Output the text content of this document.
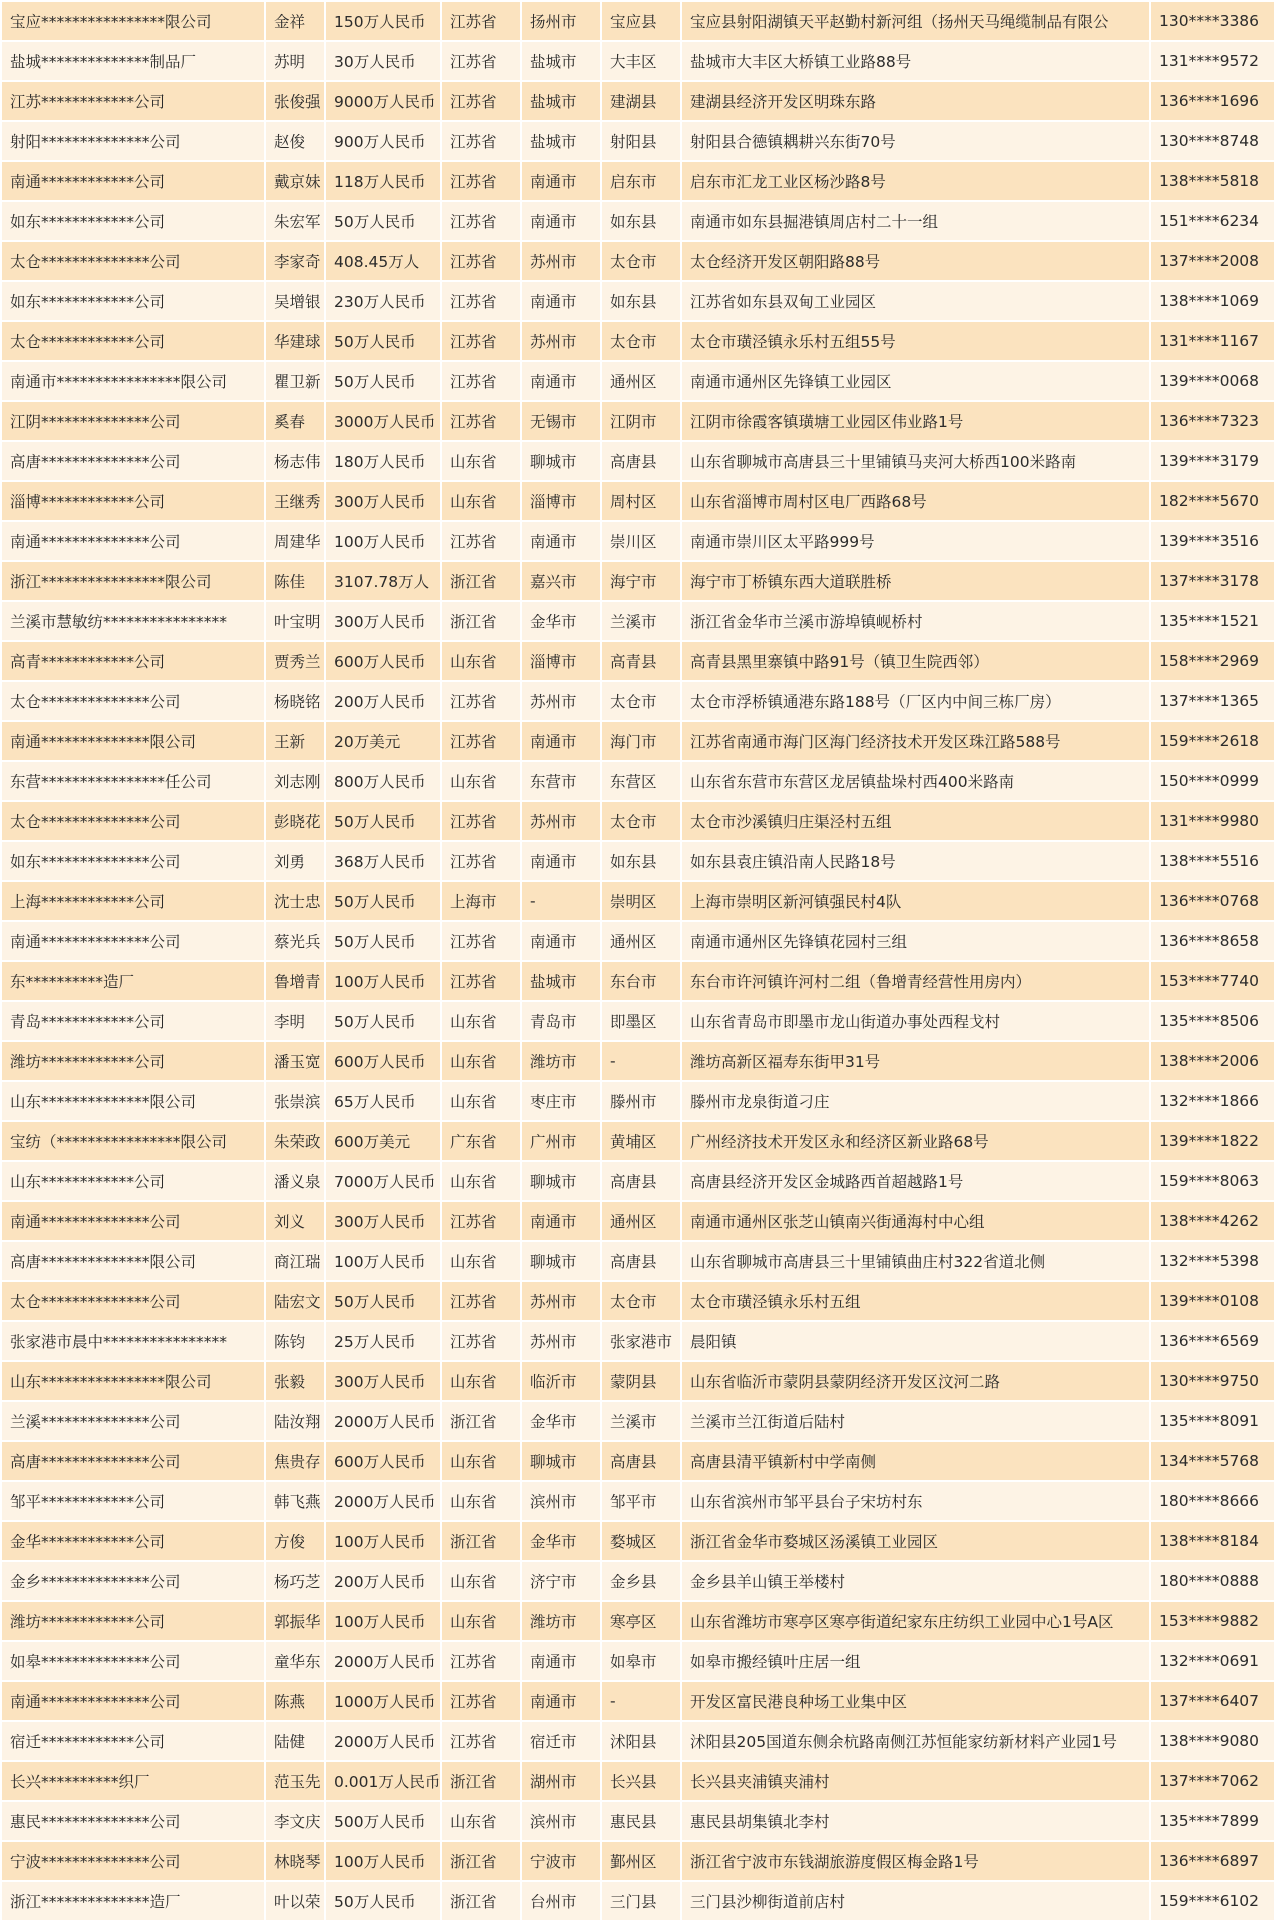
宝应****************限公司	金祥	150万人民币	江苏省	扬州市	宝应县	宝应县射阳湖镇天平赵勤村新河组（扬州天马绳缆制品有限公	130****3386
盐城**************制品厂	苏明	30万人民币	江苏省	盐城市	大丰区	盐城市大丰区大桥镇工业路88号	131****9572
江苏************公司	张俊强	9000万人民币	江苏省	盐城市	建湖县	建湖县经济开发区明珠东路	136****1696
射阳**************公司	赵俊	900万人民币	江苏省	盐城市	射阳县	射阳县合德镇耦耕兴东街70号	130****8748
南通************公司	戴京妹	118万人民币	江苏省	南通市	启东市	启东市汇龙工业区杨沙路8号	138****5818
如东************公司	朱宏军	50万人民币	江苏省	南通市	如东县	南通市如东县掘港镇周店村二十一组	151****6234
太仓**************公司	李家奇	408.45万人	江苏省	苏州市	太仓市	太仓经济开发区朝阳路88号	137****2008
如东************公司	吴增银	230万人民币	江苏省	南通市	如东县	江苏省如东县双甸工业园区	138****1069
太仓************公司	华建球	50万人民币	江苏省	苏州市	太仓市	太仓市璜泾镇永乐村五组55号	131****1167
南通市****************限公司	瞿卫新	50万人民币	江苏省	南通市	通州区	南通市通州区先锋镇工业园区	139****0068
江阴**************公司	奚春	3000万人民币	江苏省	无锡市	江阴市	江阴市徐霞客镇璜塘工业园区伟业路1号	136****7323
高唐**************公司	杨志伟	180万人民币	山东省	聊城市	高唐县	山东省聊城市高唐县三十里铺镇马夹河大桥西100米路南	139****3179
淄博************公司	王继秀	300万人民币	山东省	淄博市	周村区	山东省淄博市周村区电厂西路68号	182****5670
南通**************公司	周建华	100万人民币	江苏省	南通市	崇川区	南通市崇川区太平路999号	139****3516
浙江****************限公司	陈佳	3107.78万人	浙江省	嘉兴市	海宁市	海宁市丁桥镇东西大道联胜桥	137****3178
兰溪市慧敏纺****************	叶宝明	300万人民币	浙江省	金华市	兰溪市	浙江省金华市兰溪市游埠镇岘桥村	135****1521
高青************公司	贾秀兰	600万人民币	山东省	淄博市	高青县	高青县黑里寨镇中路91号（镇卫生院西邻）	158****2969
太仓**************公司	杨晓铭	200万人民币	江苏省	苏州市	太仓市	太仓市浮桥镇通港东路188号（厂区内中间三栋厂房）	137****1365
南通**************限公司	王新	20万美元	江苏省	南通市	海门市	江苏省南通市海门区海门经济技术开发区珠江路588号	159****2618
东营****************任公司	刘志刚	800万人民币	山东省	东营市	东营区	山东省东营市东营区龙居镇盐垛村西400米路南	150****0999
太仓**************公司	彭晓花	50万人民币	江苏省	苏州市	太仓市	太仓市沙溪镇归庄渠泾村五组	131****9980
如东**************公司	刘勇	368万人民币	江苏省	南通市	如东县	如东县袁庄镇沿南人民路18号	138****5516
上海************公司	沈士忠	50万人民币	上海市	-	崇明区	上海市崇明区新河镇强民村4队	136****0768
南通**************公司	蔡光兵	50万人民币	江苏省	南通市	通州区	南通市通州区先锋镇花园村三组	136****8658
东**********造厂	鲁增青	100万人民币	江苏省	盐城市	东台市	东台市许河镇许河村二组（鲁增青经营性用房内）	153****7740
青岛************公司	李明	50万人民币	山东省	青岛市	即墨区	山东省青岛市即墨市龙山街道办事处西程戈村	135****8506
潍坊************公司	潘玉宽	600万人民币	山东省	潍坊市	-	潍坊高新区福寿东街甲31号	138****2006
山东**************限公司	张崇滨	65万人民币	山东省	枣庄市	滕州市	滕州市龙泉街道刁庄	132****1866
宝纺（****************限公司	朱荣政	600万美元	广东省	广州市	黄埔区	广州经济技术开发区永和经济区新业路68号	139****1822
山东************公司	潘义泉	7000万人民币	山东省	聊城市	高唐县	高唐县经济开发区金城路西首超越路1号	159****8063
南通**************公司	刘义	300万人民币	江苏省	南通市	通州区	南通市通州区张芝山镇南兴街通海村中心组	138****4262
高唐**************限公司	商江瑞	100万人民币	山东省	聊城市	高唐县	山东省聊城市高唐县三十里铺镇曲庄村322省道北侧	132****5398
太仓**************公司	陆宏文	50万人民币	江苏省	苏州市	太仓市	太仓市璜泾镇永乐村五组	139****0108
张家港市晨中****************	陈钧	25万人民币	江苏省	苏州市	张家港市	晨阳镇	136****6569
山东****************限公司	张毅	300万人民币	山东省	临沂市	蒙阴县	山东省临沂市蒙阴县蒙阴经济开发区汶河二路	130****9750
兰溪**************公司	陆汝翔	2000万人民币	浙江省	金华市	兰溪市	兰溪市兰江街道后陆村	135****8091
高唐**************公司	焦贵存	600万人民币	山东省	聊城市	高唐县	高唐县清平镇新村中学南侧	134****5768
邹平************公司	韩飞燕	2000万人民币	山东省	滨州市	邹平市	山东省滨州市邹平县台子宋坊村东	180****8666
金华************公司	方俊	100万人民币	浙江省	金华市	婺城区	浙江省金华市婺城区汤溪镇工业园区	138****8184
金乡**************公司	杨巧芝	200万人民币	山东省	济宁市	金乡县	金乡县羊山镇王举楼村	180****0888
潍坊************公司	郭振华	100万人民币	山东省	潍坊市	寒亭区	山东省潍坊市寒亭区寒亭街道纪家东庄纺织工业园中心1号A区	153****9882
如皋**************公司	童华东	2000万人民币	江苏省	南通市	如皋市	如皋市搬经镇叶庄居一组	132****0691
南通**************公司	陈燕	1000万人民币	江苏省	南通市	-	开发区富民港良种场工业集中区	137****6407
宿迁************公司	陆健	2000万人民币	江苏省	宿迁市	沭阳县	沭阳县205国道东侧余杭路南侧江苏恒能家纺新材料产业园1号	138****9080
长兴**********织厂	范玉先	0.001万人民币	浙江省	湖州市	长兴县	长兴县夹浦镇夹浦村	137****7062
惠民**************公司	李文庆	500万人民币	山东省	滨州市	惠民县	惠民县胡集镇北李村	135****7899
宁波**************公司	林晓琴	100万人民币	浙江省	宁波市	鄞州区	浙江省宁波市东钱湖旅游度假区梅金路1号	136****6897
浙江**************造厂	叶以荣	50万人民币	浙江省	台州市	三门县	三门县沙柳街道前店村	159****6102
